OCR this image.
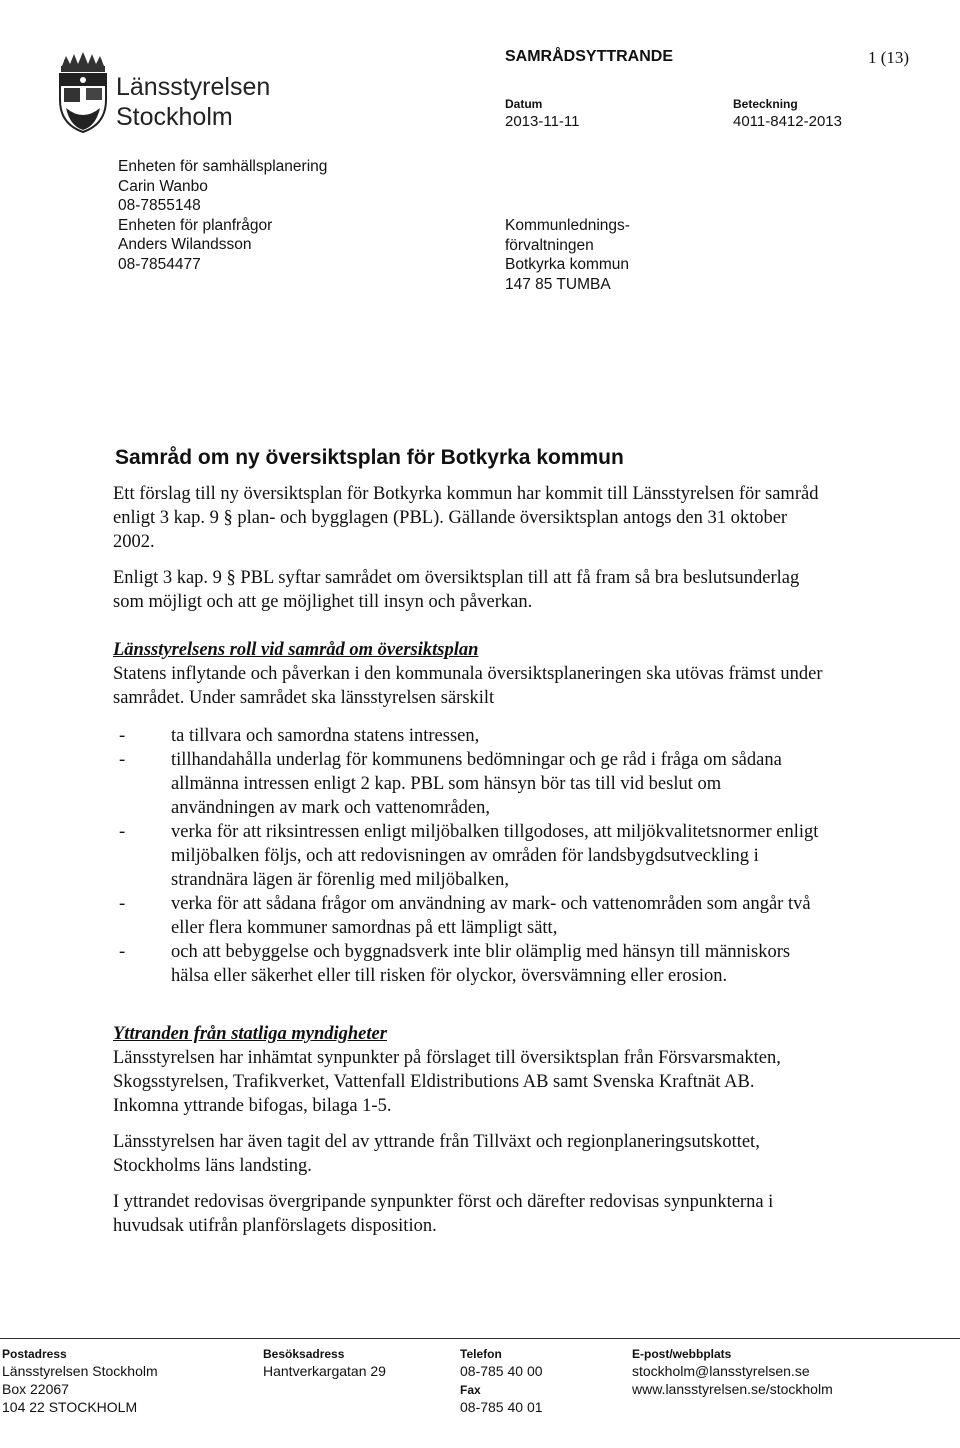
Länsstyrelsen
Stockholm
SAMRÅDSYTTRANDE	1 (13)
Datum
2013-11-11
Beteckning
4011-8412-2013
Enheten för samhällsplanering
Carin Wanbo
08-7855148
Enheten för planfrågor
Anders Wilandsson
08-7854477
Kommunlednings-
förvaltningen
Botkyrka kommun
147 85 TUMBA
Samråd om ny översiktsplan för Botkyrka kommun

Ett förslag till ny översiktsplan för Botkyrka kommun har kommit till Länsstyrelsen för samråd enligt 3 kap. 9 § plan- och bygglagen (PBL). Gällande översiktsplan antogs den 31 oktober 2002.

Enligt 3 kap. 9 § PBL syftar samrådet om översiktsplan till att få fram så bra beslutsunderlag som möjligt och att ge möjlighet till insyn och påverkan.

Länsstyrelsens roll vid samråd om översiktsplan

Statens inflytande och påverkan i den kommunala översiktsplaneringen ska utövas främst under samrådet. Under samrådet ska länsstyrelsen särskilt

- ta tillvara och samordna statens intressen,
- tillhandahålla underlag för kommunens bedömningar och ge råd i fråga om sådana allmänna intressen enligt 2 kap. PBL som hänsyn bör tas till vid beslut om användningen av mark och vattenområden,
- verka för att riksintressen enligt miljöbalken tillgodoses, att miljökvalitetsnormer enligt miljöbalken följs, och att redovisningen av områden för landsbygdsutveckling i strandnära lägen är förenlig med miljöbalken,
- verka för att sådana frågor om användning av mark- och vattenområden som angår två eller flera kommuner samordnas på ett lämpligt sätt,
- och att bebyggelse och byggnadsverk inte blir olämplig med hänsyn till människors hälsa eller säkerhet eller till risken för olyckor, översvämning eller erosion.
Yttranden från statliga myndigheter

Länsstyrelsen har inhämtat synpunkter på förslaget till översiktsplan från Försvarsmakten, Skogsstyrelsen, Trafikverket, Vattenfall Eldistributions AB samt Svenska Kraftnät AB. Inkomna yttrande bifogas, bilaga 1-5.

Länsstyrelsen har även tagit del av yttrande från Tillväxt och regionplaneringsutskottet, Stockholms läns landsting.

I yttrandet redovisas övergripande synpunkter först och därefter redovisas synpunkterna i huvudsak utifrån planförslagets disposition.

Postadress
Länsstyrelsen Stockholm
Box 22067
104 22 STOCKHOLM
Besöksadress
Hantverkargatan 29
Telefon
08-785 40 00
Fax
08-785 40 01
E-post/webbplats
stockholm@lansstyrelsen.se
www.lansstyrelsen.se/stockholm
